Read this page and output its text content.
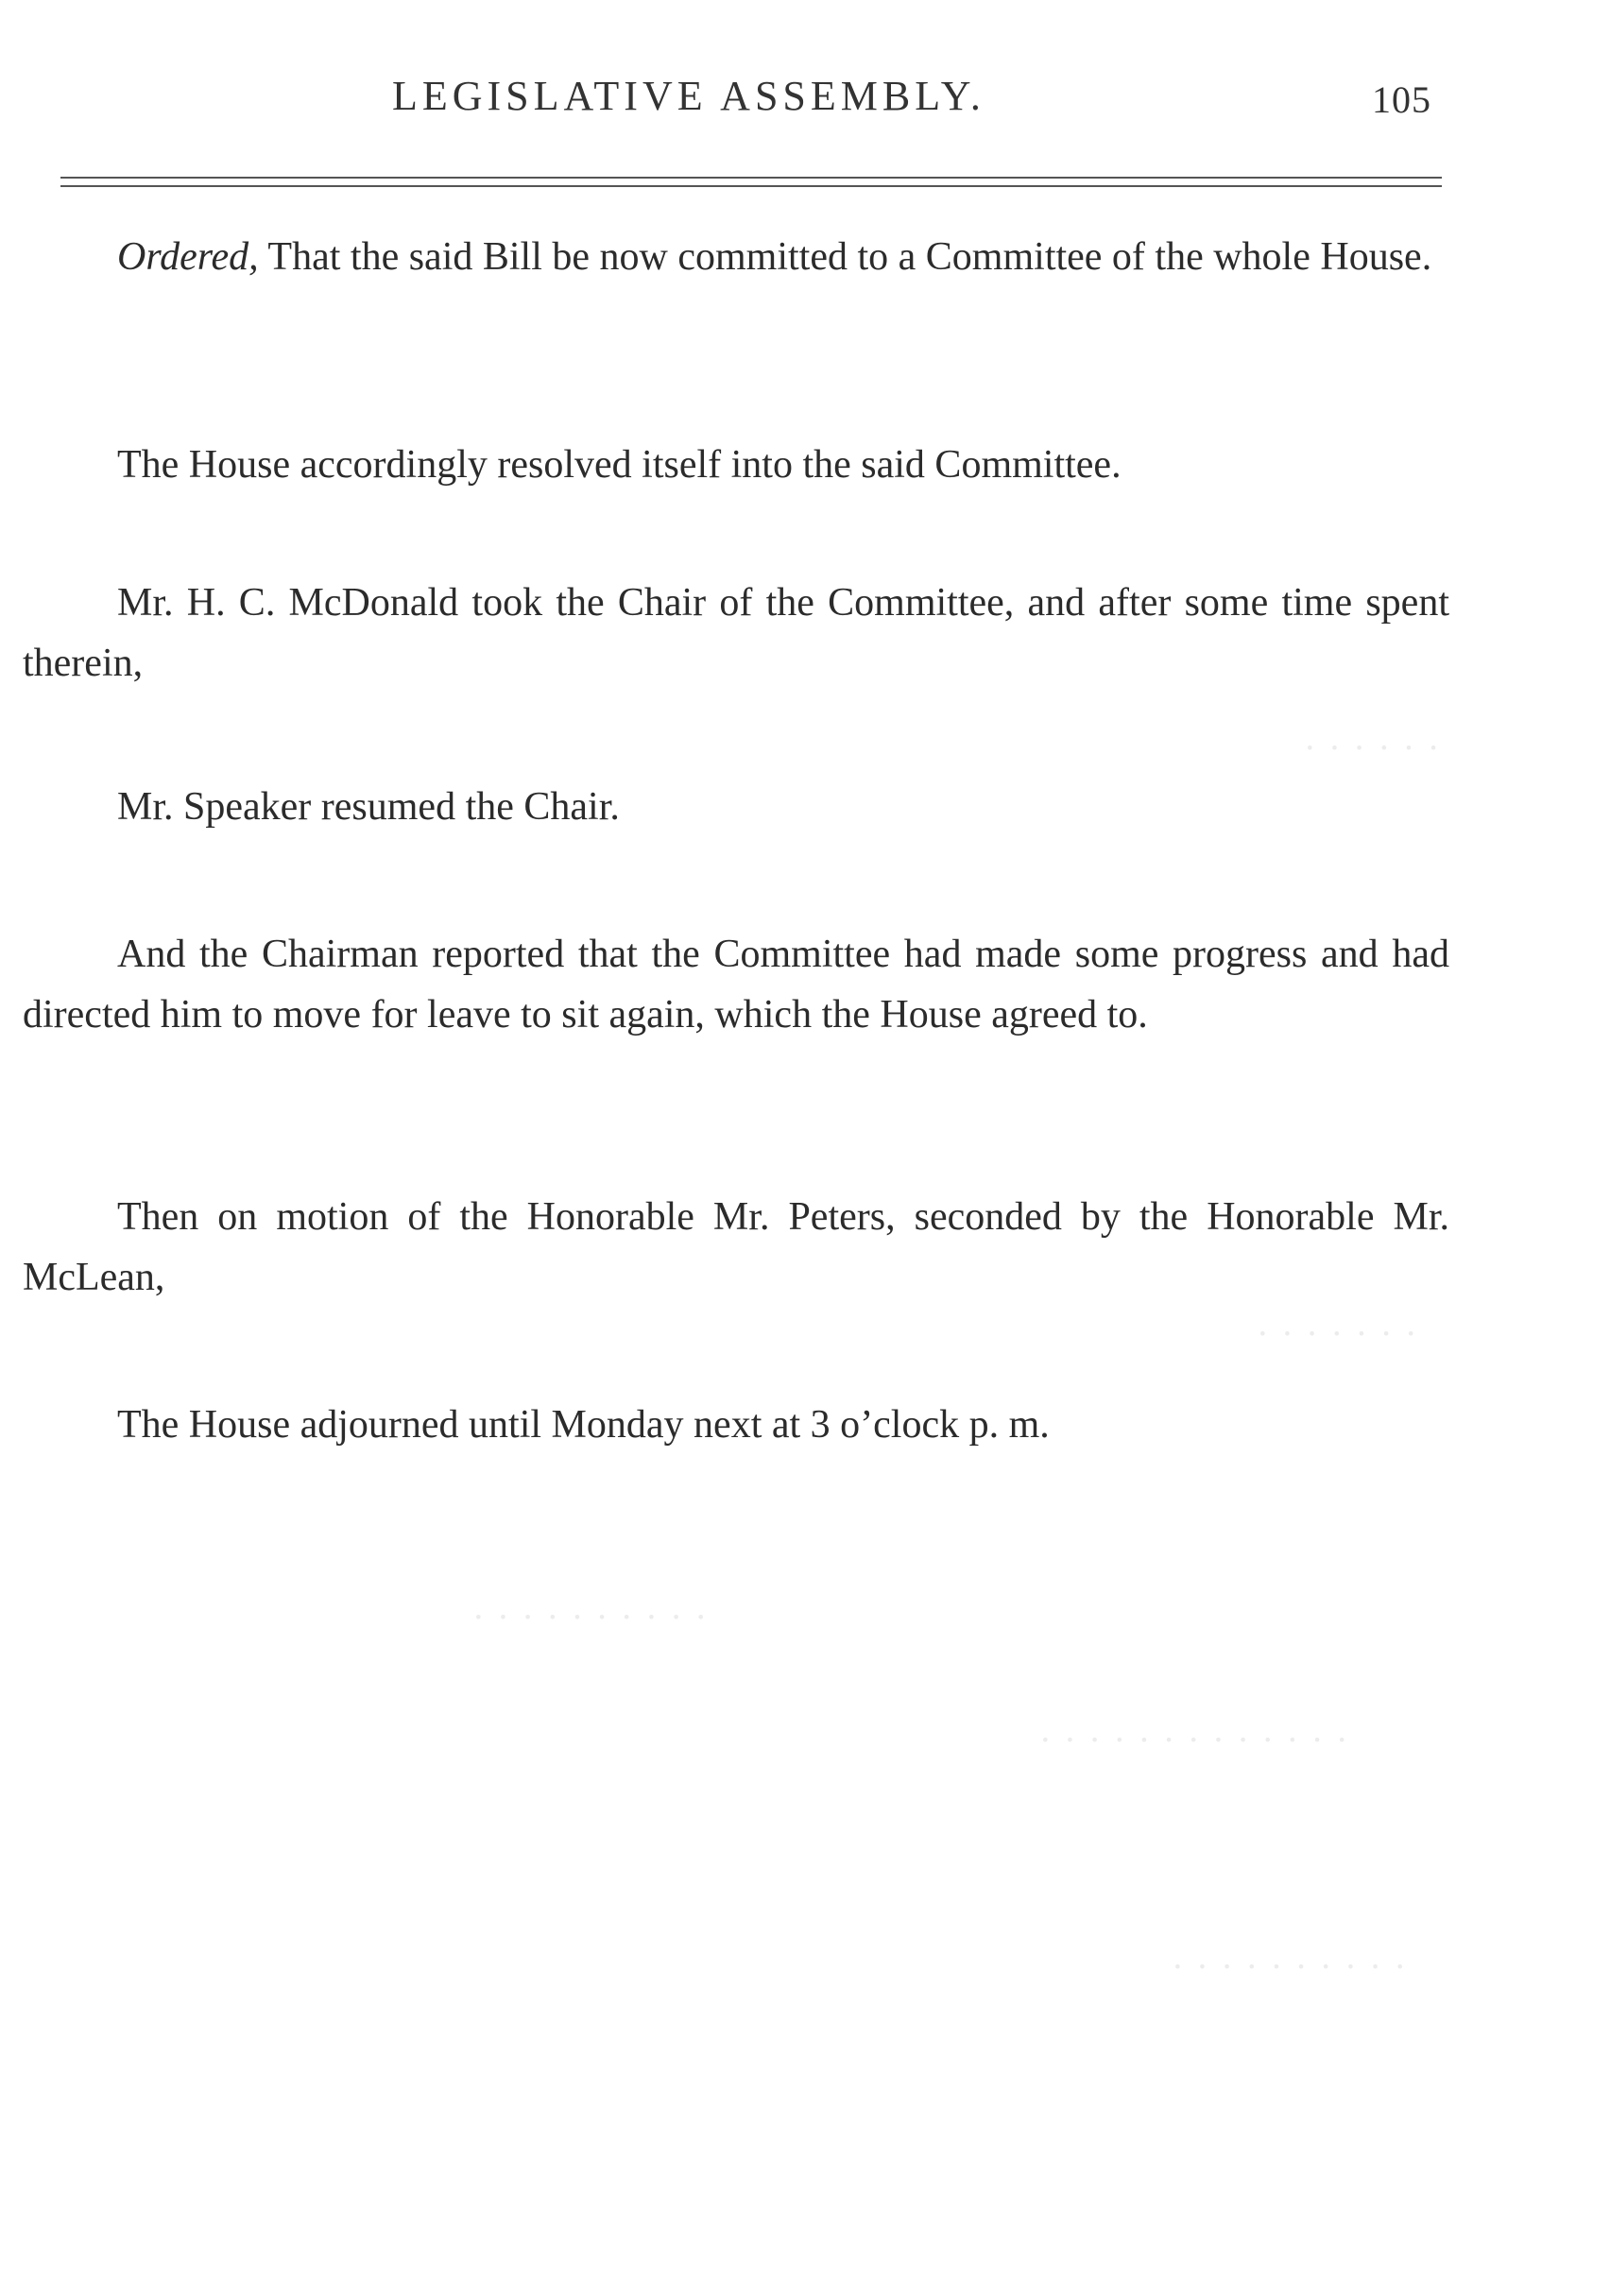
· · · · · ·
· · · · · · ·
· · · · · · · · · ·
· · · · · · · · · · · · ·
· · · · · · · · · ·
LEGISLATIVE ASSEMBLY.	105

Ordered, That the said Bill be now committed to a Committee of the whole House.

The House accordingly resolved itself into the said Committee.

Mr. H. C. McDonald took the Chair of the Committee, and after some time spent therein,

Mr. Speaker resumed the Chair.

And the Chairman reported that the Committee had made some progress and had directed him to move for leave to sit again, which the House agreed to.

Then on motion of the Honorable Mr. Peters, seconded by the Honorable Mr. McLean,

The House adjourned until Monday next at 3 o’clock p. m.
